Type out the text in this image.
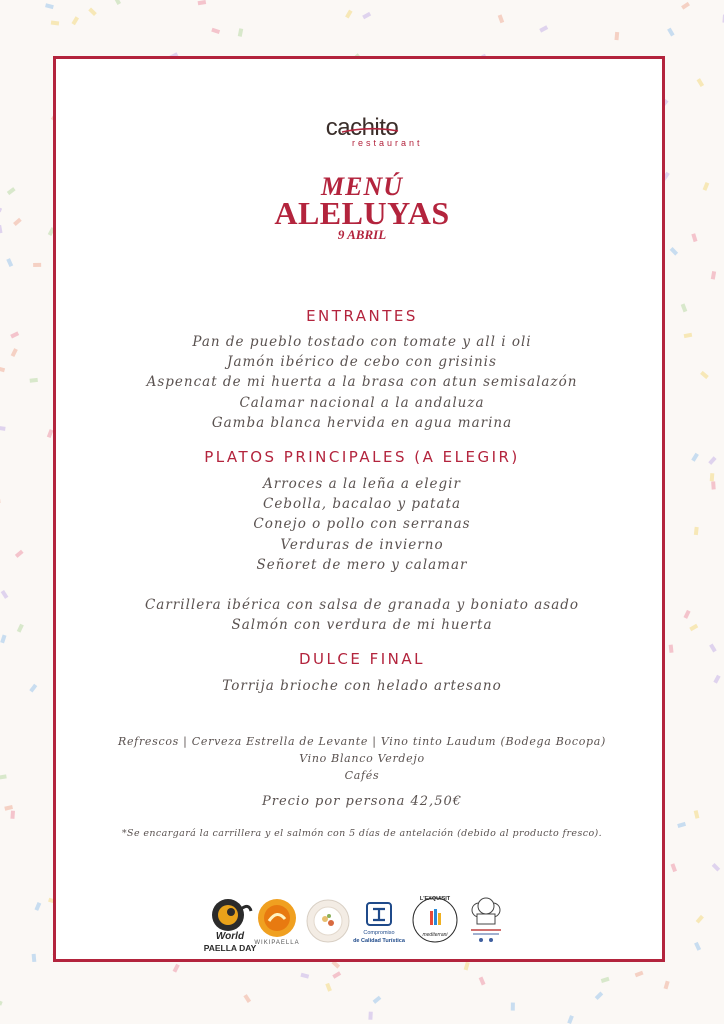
cachito
restaurant
MENÚ
ALELUYAS
9 ABRIL
ENTRANTES
Pan de pueblo tostado con tomate y all i oli
Jamón ibérico de cebo con grisinis
Aspencat de mi huerta a la brasa con atun semisalazón
Calamar nacional a la andaluza
Gamba blanca hervida en agua marina
PLATOS PRINCIPALES (A ELEGIR)
Arroces a la leña a elegir
Cebolla, bacalao y patata
Conejo o pollo con serranas
Verduras de invierno
Señoret de mero y calamar
Carrillera ibérica con salsa de granada y boniato asado
Salmón con verdura de mi huerta
DULCE FINAL
Torrija brioche con helado artesano
Refrescos | Cerveza Estrella de Levante | Vino tinto Laudum (Bodega Bocopa)
Vino Blanco Verdejo
Cafés
Precio por persona 42,50€
*Se encargará la carrillera y el salmón con 5 días de antelación (debido al producto fresco).
World
PAELLA DAY
WIKIPAELLA
Compromiso
de Calidad Turística
L'EXQUISIT
mediterrani
